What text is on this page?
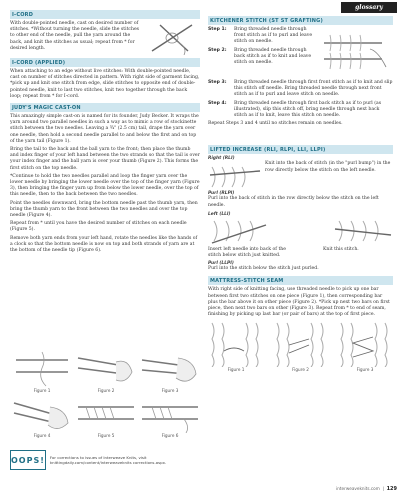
glossary
I-CORD

With double-pointed needle, cast on desired number of stitches. *Without turning the needle, slide the stitches to other end of the needle, pull the yarn around the back, and knit the stitches as usual; repeat from * for desired length.

I-CORD (APPLIED)

When attaching to an edge without live stitches: With double-pointed needle, cast on number of stitches directed in pattern. With right side of garment facing, *pick up and knit one stitch from edge, slide stitches to opposite end of double-pointed needle, knit to last two stitches, knit two together through the back loop; repeat from * for I-cord.

JUDY'S MAGIC CAST-ON

This amazingly simple cast-on is named for its founder, Judy Becker. It wraps the yarn around two parallel needles in such a way as to mimic a row of stockinette stitch between the two needles. Leaving a ¾" (2.5 cm) tail, drape the yarn over one needle, then hold a second needle parallel to and below the first and on top of the yarn tail (Figure 1).

Bring the tail to the back and the ball yarn to the front; then place the thumb and index finger of your left hand between the two strands so that the tail is over your index finger and the ball yarn is over your thumb (Figure 2). This forms the first stitch on the top needle.

*Continue to hold the two needles parallel and loop the finger yarn over the lower needle by bringing the lower needle over the top of the finger yarn (Figure 3), then bringing the finger yarn up from below the lower needle, over the top of this needle, then to the back between the two needles.

Point the needles downward, bring the bottom needle past the thumb yarn, then bring the thumb yarn to the front between the two needles and over the top needle (Figure 4).

Repeat from * until you have the desired number of stitches on each needle (Figure 5).

Remove both yarn ends from your left hand, rotate the needles like the hands of a clock so that the bottom needle is now on top and both strands of yarn are at the bottom of the needle tip (Figure 6).

Figure 1	Figure 2	Figure 3
Figure 4	Figure 5	Figure 6
OOPS! For corrections to issues of Interweave Knits, visit knittingdaily.com/content/interweaveknits corrections.aspx.
KITCHENER STITCH (ST ST GRAFTING)
Step 1:	Bring threaded needle through front stitch as if to purl and leave stitch on needle.
Step 2:	Bring threaded needle through back stitch as if to knit and leave stitch on needle.
Step 3:	Bring threaded needle through first front stitch as if to knit and slip this stitch off needle. Bring threaded needle through next front stitch as if to purl and leave stitch on needle.
Step 4:	Bring threaded needle through first back stitch as if to purl (as illustrated), slip this stitch off, bring needle through next back stitch as if to knit, leave this stitch on needle.

Repeat Steps 3 and 4 until no stitches remain on needles.

LIFTED INCREASE (RLI, RLPI, LLI, LLPI)
Right (RLI)

Knit into the back of stitch (in the "purl bump") in the row directly below the stitch on the left needle.

Purl (RLPI)

Purl into the back of stitch in the row directly below the stitch on the left needle.

Left (LLI)

Insert left needle into back of the stitch below stitch just knitted.

Knit this stitch.

Purl (LLPI)

Purl into the stitch below the stitch just purled.

MATTRESS-STITCH SEAM

With right side of knitting facing, use threaded needle to pick up one bar between first two stitches on one piece (Figure 1), then corresponding bar plus the bar above it on other piece (Figure 2). *Pick up next two bars on first piece, then next two bars on other (Figure 3). Repeat from * to end of seam, finishing by picking up last bar (or pair of bars) at the top of first piece.

Figure 1	Figure 2	Figure 3
interweaveknits.com  |  129
